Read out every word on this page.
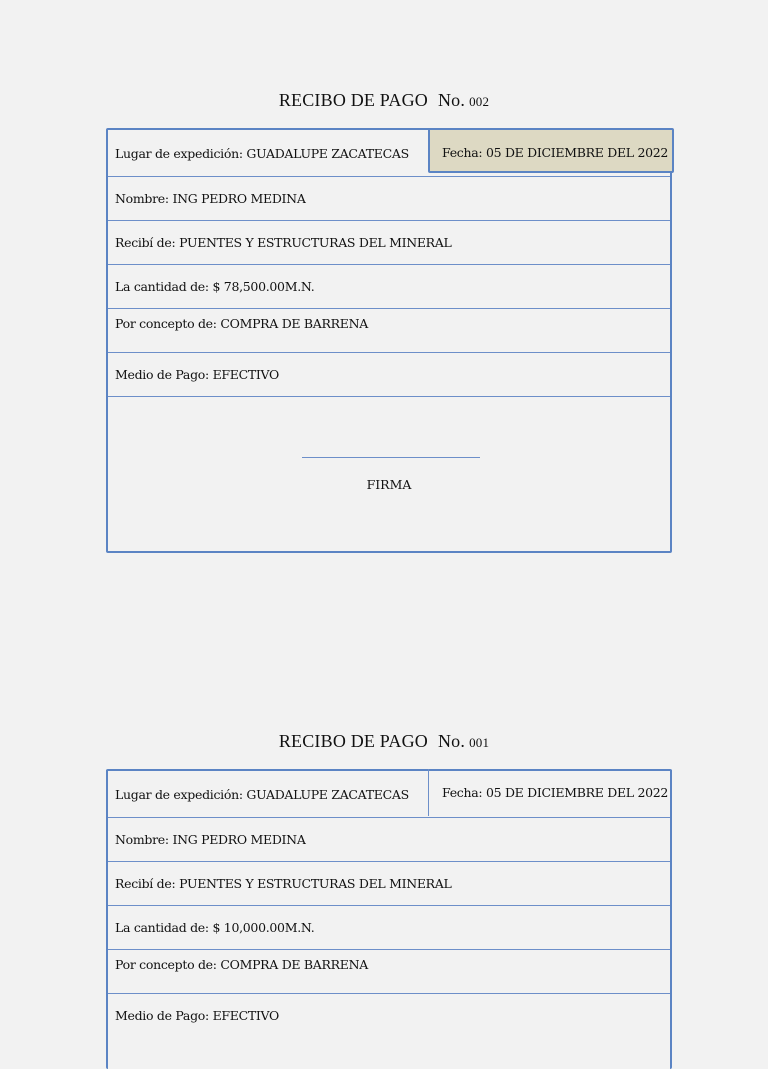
RECIBO DE PAGO No. 002
Lugar de expedición: GUADALUPE ZACATECAS	Fecha: 05 DE DICIEMBRE DEL 2022
Nombre: ING PEDRO MEDINA
Recibí de: PUENTES Y ESTRUCTURAS DEL MINERAL
La cantidad de: $ 78,500.00M.N.
Por concepto de: COMPRA DE BARRENA
Medio de Pago: EFECTIVO
FIRMA
RECIBO DE PAGO No. 001
Lugar de expedición: GUADALUPE ZACATECAS	Fecha: 05 DE DICIEMBRE DEL 2022
Nombre: ING PEDRO MEDINA
Recibí de: PUENTES Y ESTRUCTURAS DEL MINERAL
La cantidad de: $ 10,000.00M.N.
Por concepto de: COMPRA DE BARRENA
Medio de Pago: EFECTIVO
